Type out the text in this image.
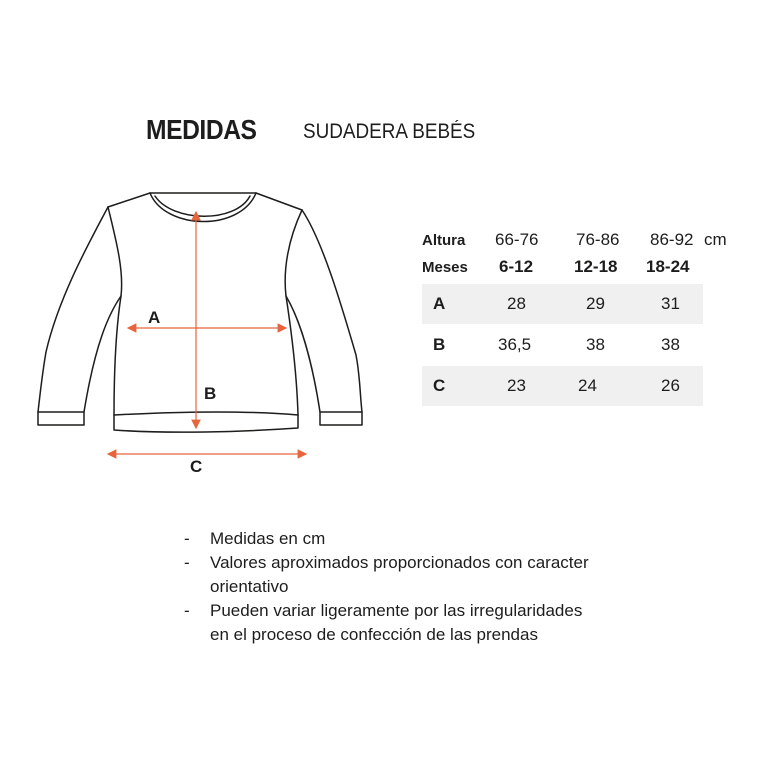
MEDIDAS SUDADERA BEBÉS
A
B
C
Altura 66-76 76-86 86-92 cm
Meses 6-12 12-18 18-24
A	28	29	31
B	36,5	38	38
C	23	24	26
- Medidas en cm
- Valores aproximados proporcionados con caracter
orientativo
- Pueden variar ligeramente por las irregularidades
en el proceso de confección de las prendas
